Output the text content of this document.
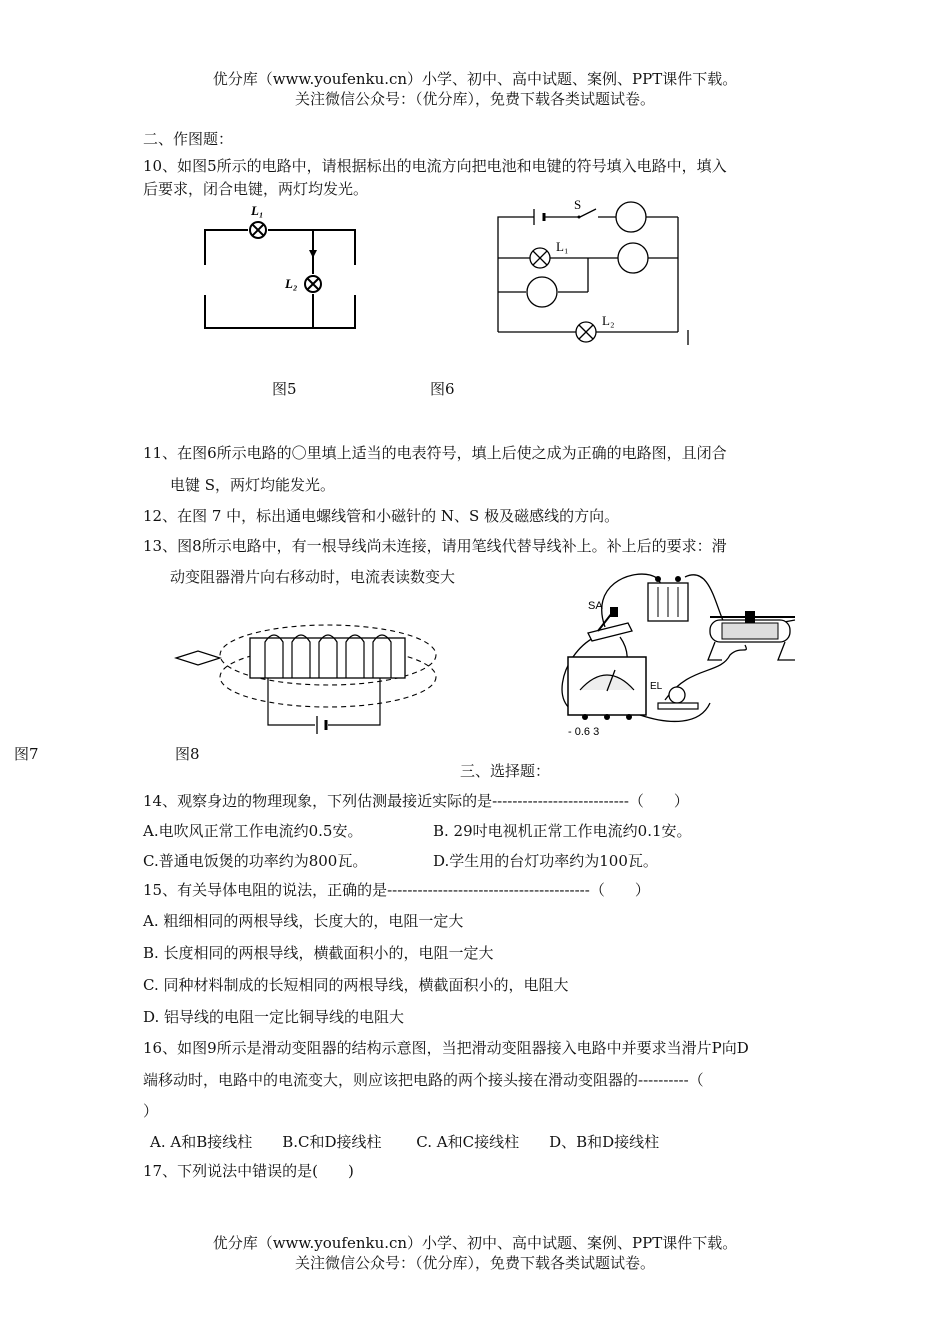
优分库（www.youfenku.cn）小学、初中、高中试题、案例、PPT课件下载。
关注微信公众号：（优分库），免费下载各类试题试卷。
二、作图题：
10、如图5所示的电路中，请根据标出的电流方向把电池和电键的符号填入电路中，填入
后要求，闭合电键，两灯均发光。
L₁
L₂
S
L₁
L₂
图5	图6
11、在图6所示电路的〇里填上适当的电表符号，填上后使之成为正确的电路图，且闭合
电键 S，两灯均能发光。
12、在图 7 中，标出通电螺线管和小磁针的 N、S 极及磁感线的方向。
13、图8所示电路中，有一根导线尚未连接，请用笔线代替导线补上。补上后的要求：滑
动变阻器滑片向右移动时，电流表读数变大
SA
- 0.6 3
EL
图7	图8
三、选择题：
14、观察身边的物理现象，下列估测最接近实际的是---------------------------（　　）
A.电吹风正常工作电流约0.5安。	B. 29吋电视机正常工作电流约0.1安。
C.普通电饭煲的功率约为800瓦。	D.学生用的台灯功率约为100瓦。
15、有关导体电阻的说法，正确的是----------------------------------------（　　）
A. 粗细相同的两根导线，长度大的，电阻一定大
B. 长度相同的两根导线，横截面积小的，电阻一定大
C. 同种材料制成的长短相同的两根导线，横截面积小的，电阻大
D. 铝导线的电阻一定比铜导线的电阻大
16、如图9所示是滑动变阻器的结构示意图，当把滑动变阻器接入电路中并要求当滑片P向D
端移动时，电路中的电流变大，则应该把电路的两个接头接在滑动变阻器的----------（
）
A. A和B接线柱　　B.C和D接线柱　　 C. A和C接线柱　　D、B和D接线柱
17、下列说法中错误的是(　　)
优分库（www.youfenku.cn）小学、初中、高中试题、案例、PPT课件下载。
关注微信公众号：（优分库），免费下载各类试题试卷。
